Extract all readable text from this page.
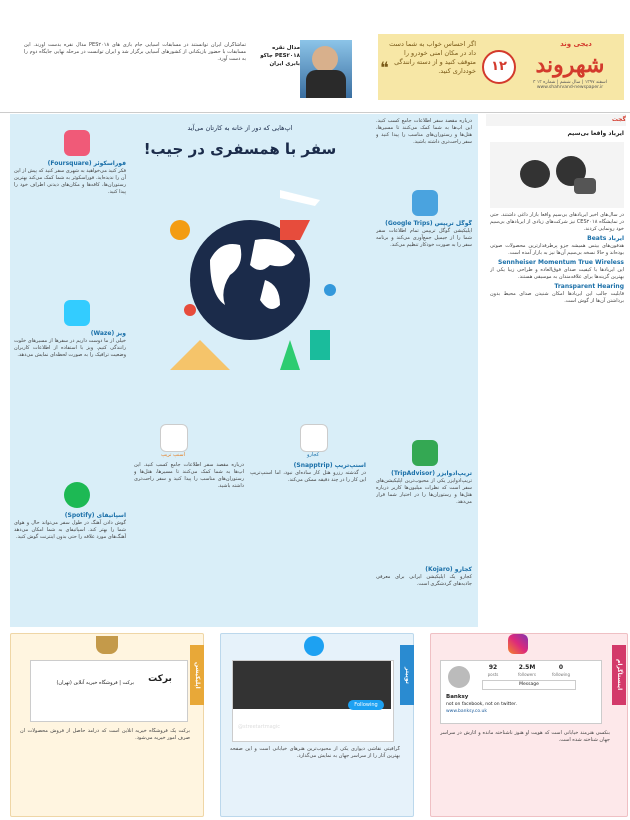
دیجی وند
شهروند
۳ اسفند ۱۳۹۷ | سال ششم | شماره ۱۳
www.shahrvand-newspaper.ir
۱۲
❝
اگر احساس خواب به شما دست داد در مکان امنی خودرو را متوقف کنید و از دسته رانندگی خودداری کنید.
مدال نقره PES۲۰۱۸ جاکو بابری ایران
تماشاگران ایران توانستند در مسابقات آسیایی جام بازی های PES۲۰۱۸ مدال نقره بدست آورند. این مسابقات با حضور بازیکنانی از کشورهای آسیایی برگزار شد و ایران توانست در مرحله نهایی جایگاه دوم را به دست آورد.
اپ‌هایی که دور از خانه به کارتان می‌آید
سفر با همسفری در جیب!
فوراسکوئر (Foursquare)

فکر کنید می‌خواهید به شهری سفر کنید که پیش از این آن را ندیده‌اید. فوراسکوئر به شما کمک می‌کند بهترین رستوران‌ها، کافه‌ها و مکان‌های دیدنی اطراف خود را پیدا کنید.

ویز (Waze)

خیلی از ما دوست داریم در سفرها از مسیرهای خلوت رانندگی کنیم. ویز با استفاده از اطلاعات کاربران وضعیت ترافیک را به صورت لحظه‌ای نمایش می‌دهد.

اسپاتیفای (Spotify)

گوش دادن آهنگ در طول سفر می‌تواند حال و هوای شما را بهتر کند. اسپاتیفای به شما امکان می‌دهد آهنگ‌های مورد علاقه را حتی بدون اینترنت گوش کنید.

درباره مقصد سفر اطلاعات جامع کسب کنید. این اپ‌ها به شما کمک می‌کنند تا مسیرها، هتل‌ها و رستوران‌های مناسب را پیدا کنید و سفر راحت‌تری داشته باشید.

گوگل تریپس (Google Trips)

اپلیکیشن گوگل تریپس تمام اطلاعات سفر شما را از جیمیل جمع‌آوری می‌کند و برنامه سفر را به صورت خودکار تنظیم می‌کند.

تریپ‌ادوایزر (TripAdvisor)

تریپ‌ادوایزر یکی از محبوب‌ترین اپلیکیشن‌های سفر است که نظرات میلیون‌ها کاربر درباره هتل‌ها و رستوران‌ها را در اختیار شما قرار می‌دهد.

کجارو (Kojaro)

کجارو یک اپلیکیشن ایرانی برای معرفی جاذبه‌های گردشگری است.

اسنپ تریپ	کجارو
اسنپ‌تریپ (Snapptrip)

در گذشته رزرو هتل کار ساده‌ای نبود، اما اسنپ‌تریپ این کار را در چند دقیقه ممکن می‌کند.

درباره مقصد سفر اطلاعات جامع کسب کنید. این اپ‌ها به شما کمک می‌کنند تا مسیرها، هتل‌ها و رستوران‌های مناسب را پیدا کنید و سفر راحت‌تری داشته باشید.

گجت
ایرباد واقعا بی‌سیم

در سال‌های اخیر ایربادهای بی‌سیم واقعا بازار داغی داشتند. حتی در نمایشگاه CES۲۰۱۸ نیز شرکت‌های زیادی از ایربادهای بی‌سیم خود رونمایی کردند.

ایرباد Beats

هدفون‌های بیتس همیشه جزو پرطرفدارترین محصولات صوتی بوده‌اند و حالا نسخه بی‌سیم آن‌ها نیز به بازار آمده است.

Sennheiser Momentum True Wireless

این ایربادها با کیفیت صدای فوق‌العاده و طراحی زیبا یکی از بهترین گزینه‌ها برای علاقه‌مندان به موسیقی هستند.

Transparent Hearing

قابلیت جالب این ایربادها امکان شنیدن صدای محیط بدون برداشتن آن‌ها از گوش است.

اپلیکیشن
برکت | فروشگاه خیریه آنلاین (تهران)	برکت
برکت یک فروشگاه خیریه آنلاین است که درآمد حاصل از فروش محصولات آن صرف امور خیریه می‌شود.
توییتر
Street Art Magic
@streetartmagic
Following
گرافیتی نقاشی دیواری یکی از محبوب‌ترین هنرهای خیابانی است و این صفحه بهترین آثار را از سراسر جهان به نمایش می‌گذارد.
اینستاگرام
92	2.5M	0
posts	followers	following
Message
Banksy
not on facebook, not on twitter.
www.banksy.co.uk
بنکسی هنرمند خیابانی است که هویت او هنوز ناشناخته مانده و آثارش در سراسر جهان شناخته شده است.
